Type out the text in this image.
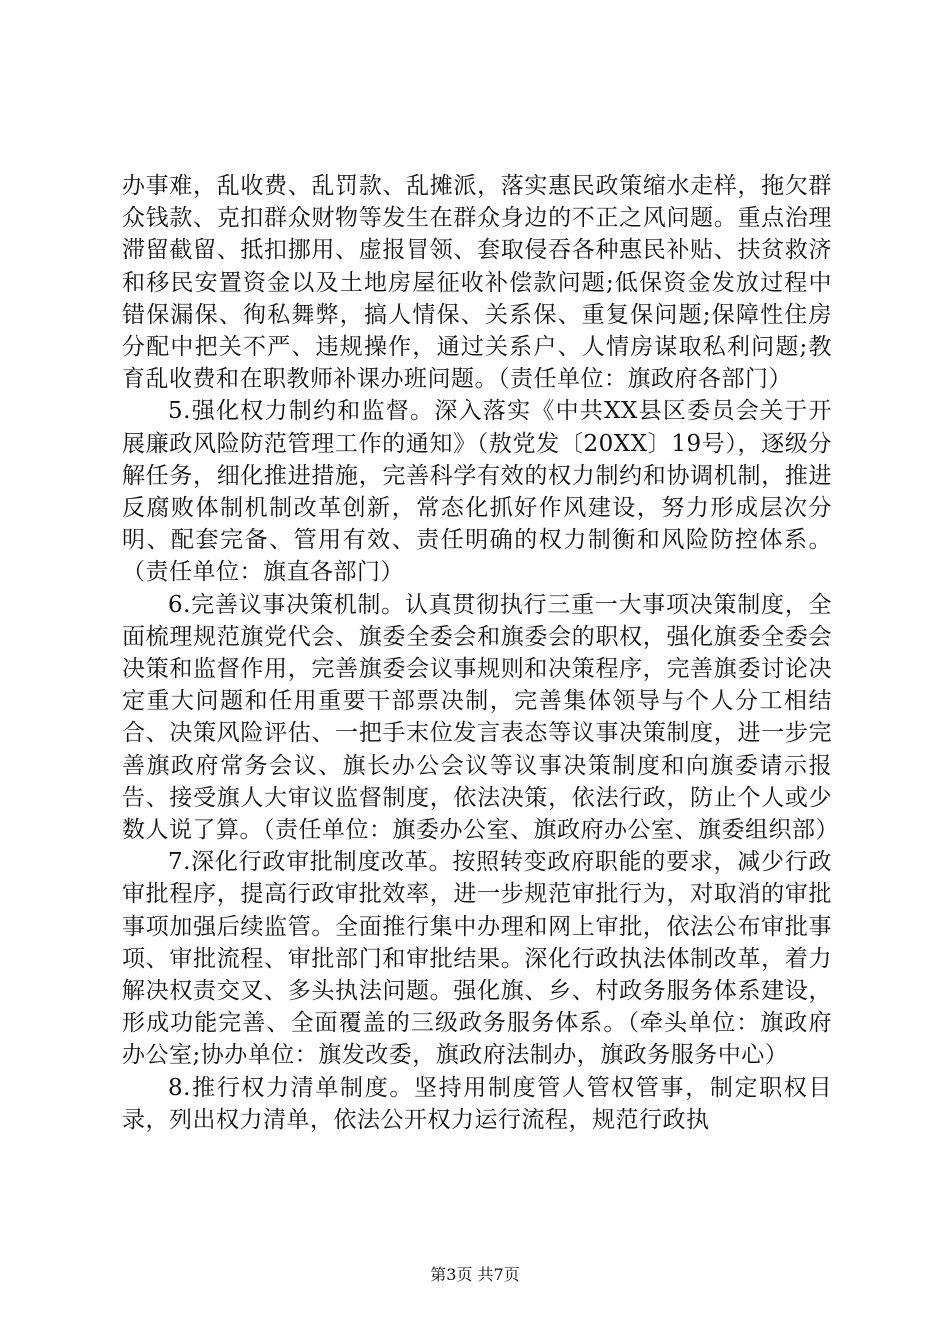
办事难，乱收费、乱罚款、乱摊派，落实惠民政策缩水走样，拖欠群众钱款、克扣群众财物等发生在群众身边的不正之风问题。重点治理滞留截留、抵扣挪用、虚报冒领、套取侵吞各种惠民补贴、扶贫救济和移民安置资金以及土地房屋征收补偿款问题;低保资金发放过程中错保漏保、徇私舞弊，搞人情保、关系保、重复保问题;保障性住房分配中把关不严、违规操作，通过关系户、人情房谋取私利问题;教育乱收费和在职教师补课办班问题。（责任单位：旗政府各部门）

5.强化权力制约和监督。深入落实《中共XX县区委员会关于开展廉政风险防范管理工作的通知》（敖党发〔20XX〕19号），逐级分解任务，细化推进措施，完善科学有效的权力制约和协调机制，推进反腐败体制机制改革创新，常态化抓好作风建设，努力形成层次分明、配套完备、管用有效、责任明确的权力制衡和风险防控体系。（责任单位：旗直各部门）

6.完善议事决策机制。认真贯彻执行三重一大事项决策制度，全面梳理规范旗党代会、旗委全委会和旗委会的职权，强化旗委全委会决策和监督作用，完善旗委会议事规则和决策程序，完善旗委讨论决定重大问题和任用重要干部票决制，完善集体领导与个人分工相结合、决策风险评估、一把手末位发言表态等议事决策制度，进一步完善旗政府常务会议、旗长办公会议等议事决策制度和向旗委请示报告、接受旗人大审议监督制度，依法决策，依法行政，防止个人或少数人说了算。（责任单位：旗委办公室、旗政府办公室、旗委组织部）

7.深化行政审批制度改革。按照转变政府职能的要求，减少行政审批程序，提高行政审批效率，进一步规范审批行为，对取消的审批事项加强后续监管。全面推行集中办理和网上审批，依法公布审批事项、审批流程、审批部门和审批结果。深化行政执法体制改革，着力解决权责交叉、多头执法问题。强化旗、乡、村政务服务体系建设，形成功能完善、全面覆盖的三级政务服务体系。（牵头单位：旗政府办公室;协办单位：旗发改委，旗政府法制办，旗政务服务中心）

8.推行权力清单制度。坚持用制度管人管权管事，制定职权目录，列出权力清单，依法公开权力运行流程，规范行政执

第3页 共7页
